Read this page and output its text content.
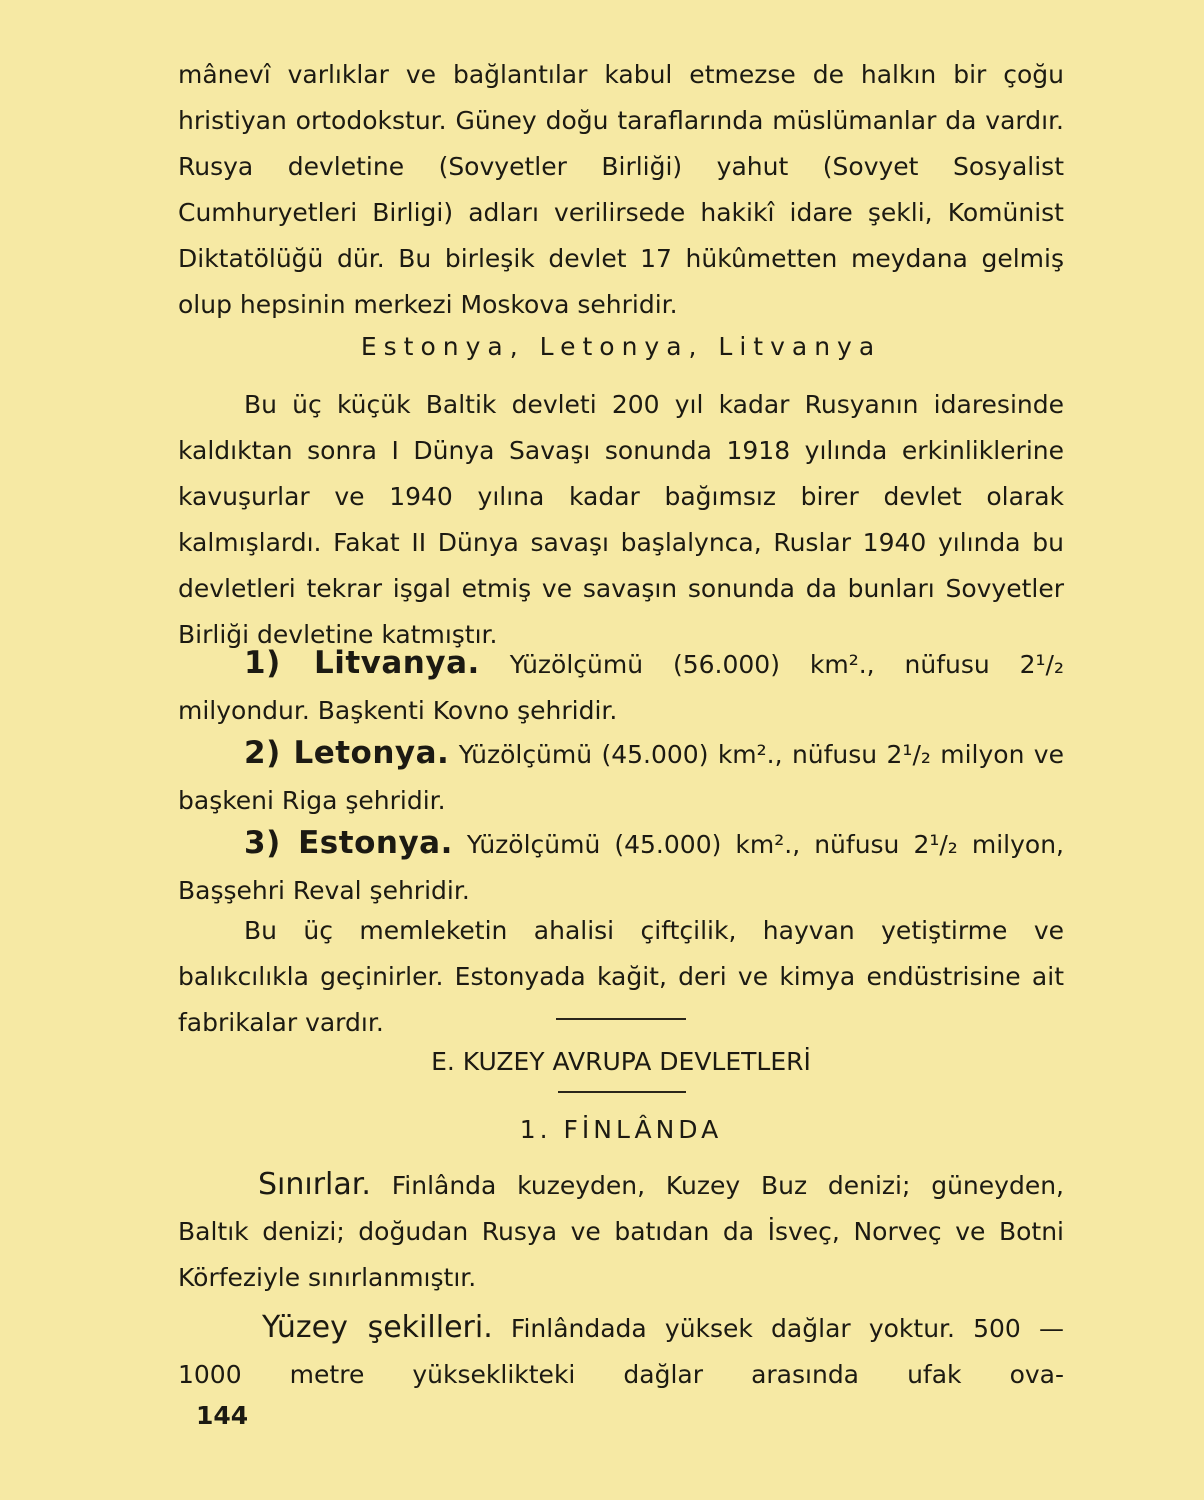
mânevî varlıklar ve bağlantılar kabul etmezse de halkın bir çoğu hristiyan ortodokstur. Güney doğu taraflarında müslümanlar da vardır. Rusya devletine (Sovyetler Birliği) yahut (Sovyet Sosyalist Cumhuryetleri Birligi) adları verilirsede hakikî idare şekli, Komünist Diktatölüğü dür. Bu birleşik devlet 17 hükûmetten meydana gelmiş olup hepsinin merkezi Moskova sehridir.

Estonya, Letonya, Litvanya

Bu üç küçük Baltik devleti 200 yıl kadar Rusyanın idaresinde kaldıktan sonra I Dünya Savaşı sonunda 1918 yılında erkinliklerine kavuşurlar ve 1940 yılına kadar bağımsız birer devlet olarak kalmışlardı. Fakat II Dünya savaşı başlalynca, Ruslar 1940 yılında bu devletleri tekrar işgal etmiş ve savaşın sonunda da bunları Sovyetler Birliği devletine katmıştır.

1) Litvanya. Yüzölçümü (56.000) km²., nüfusu 2¹/₂ milyondur. Başkenti Kovno şehridir.

2) Letonya. Yüzölçümü (45.000) km²., nüfusu 2¹/₂ milyon ve başkeni Riga şehridir.

3) Estonya. Yüzölçümü (45.000) km²., nüfusu 2¹/₂ milyon, Başşehri Reval şehridir.

Bu üç memleketin ahalisi çiftçilik, hayvan yetiştirme ve balıkcılıkla geçinirler. Estonyada kağit, deri ve kimya endüstrisine ait fabrikalar vardır.

E. KUZEY AVRUPA DEVLETLERİ
1. FİNLÂNDA

Sınırlar. Finlânda kuzeyden, Kuzey Buz denizi; güneyden, Baltık denizi; doğudan Rusya ve batıdan da İsveç, Norveç ve Botni Körfeziyle sınırlanmıştır.

Yüzey şekilleri. Finlândada yüksek dağlar yoktur. 500 — 1000 metre yükseklikteki dağlar arasında ufak ova-

144
